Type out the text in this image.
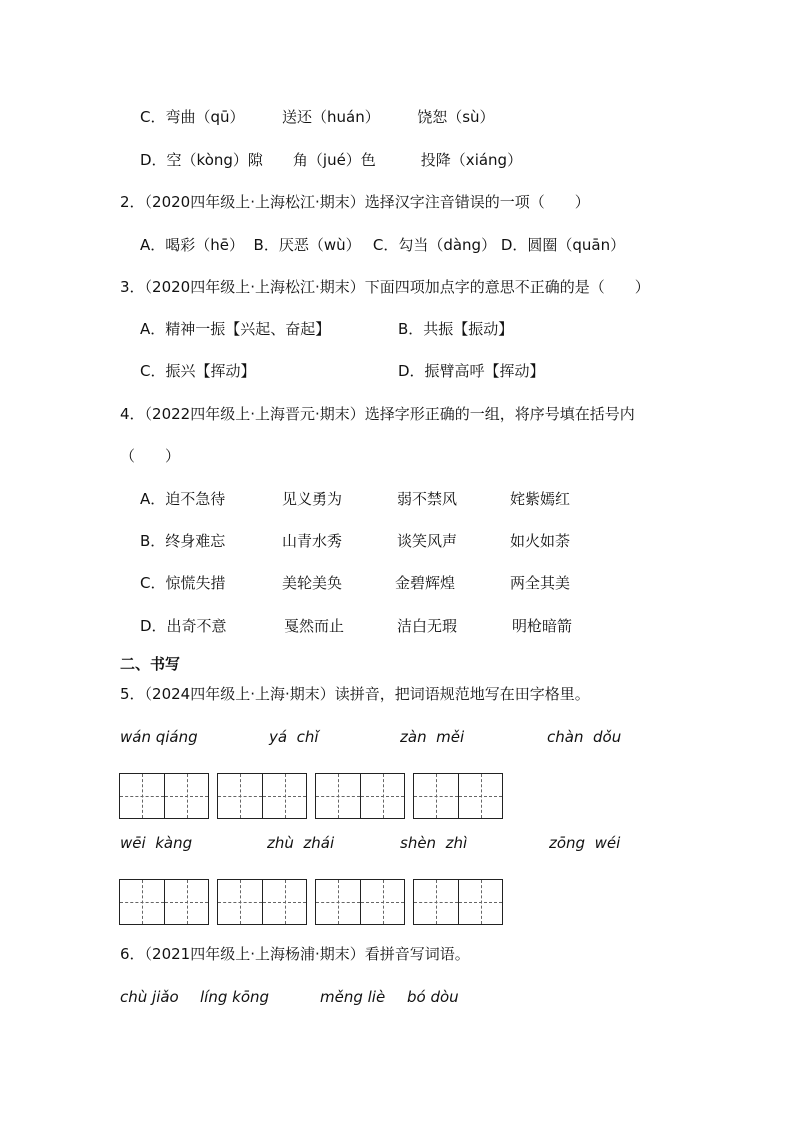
C．弯曲（qū）　　　送还（huán）　　　饶恕（sù）
D．空（kòng）隙　　角（jué）色　　　投降（xiáng）
2．（2020四年级上·上海松江·期末）选择汉字注音错误的一项（　　）
A．喝彩（hē）  B．厌恶（wù）　 C．勾当（dàng） D．圆圈（quān）
3．（2020四年级上·上海松江·期末）下面四项加点字的意思不正确的是（　　）
A．精神一振【兴起、奋起】	B．共振【振动】
C．振兴【挥动】	D．振臂高呼【挥动】
4．（2022四年级上·上海晋元·期末）选择字形正确的一组，将序号填在括号内
（　　）
A．迫不急待	见义勇为	弱不禁风	姹紫嫣红
B．终身难忘	山青水秀	谈笑风声	如火如荼
C．惊慌失措	美轮美奂	金碧辉煌	两全其美
D．出奇不意	戛然而止	洁白无瑕	明枪暗箭
二、书写
5．（2024四年级上·上海·期末）读拼音，把词语规范地写在田字格里。
wán qiáng	yá  chǐ	zàn  měi	chàn  dǒu
wēi  kàng	zhù  zhái	shèn  zhì	zōng  wéi
6．（2021四年级上·上海杨浦·期末）看拼音写词语。
chù jiǎo líng kōng	měng liè bó dòu
